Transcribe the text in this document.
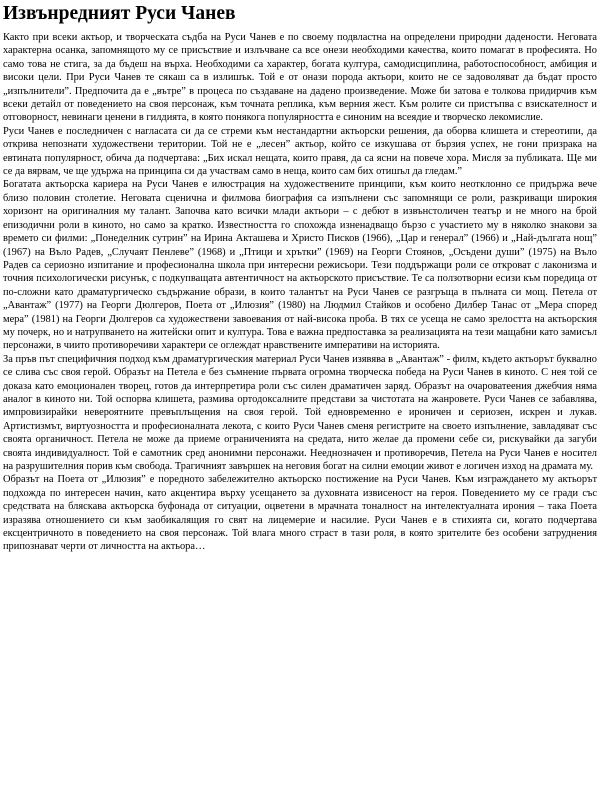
Извънредният Руси Чанев

Както при всеки актьор, и творческата съдба на Руси Чанев е по своему подвластна на определени природни дадености. Неговата характерна осанка, запомнящото му се присъствие и излъчване са все онези необходими качества, които помагат в професията. Но само това не стига, за да бъдеш на върха. Необходими са характер, богата култура, самодисциплина, работоспособност, амбиция и високи цели. При Руси Чанев те сякаш са в излишък. Той е от онази порода актьори, които не се задоволяват да бъдат просто „изпълнители”. Предпочита да е „вътре” в процеса по създаване на дадено произведение. Може би затова е толкова придирчив към всеки детайл от поведението на своя персонаж, към точната реплика, към верния жест. Към ролите си пристъпва с взискателност и отговорност, невинаги ценени в гилдията, в която понякога популярността е синоним на всеядие и творческо лекомислие.

Руси Чанев е последничен с нагласата си да се стреми към нестандартни актьорски решения, да оборва клишета и стереотипи, да открива непознати художествени територии. Той не е „лесен” актьор, който се изкушава от бързия успех, не гони призрака на евтината популярност, обича да подчертава: „Бих искал нещата, които правя, да са ясни на повече хора. Мисля за публиката. Ще ми се да вярвам, че ще удържа на принципа си да участвам само в неща, които сам бих отишъл да гледам.”

Богатата актьорска кариера на Руси Чанев е илюстрация на художествените принципи, към които неотклонно се придържа вече близо половин столетие. Неговата сценична и филмова биография са изпълнени със запомнящи се роли, разкриващи широкия хоризонт на оригиналния му талант. Започва като всички млади актьори – с дебют в извънстоличен театър и не много на брой епизодични роли в киното, но само за кратко. Известността го спохожда изненадващо бързо с участието му в няколко знакови за времето си филми: „Понеделник сутрин” на Ирина Акташева и Христо Писков (1966), „Цар и генерал” (1966) и „Най-дългата нощ” (1967) на Въло Радев, „Случаят Пенлеве” (1968) и „Птици и хрътки” (1969) на Георги Стоянов, „Осъдени души” (1975) на Въло Радев са сериозно изпитание и професионална школа при интересни режисьори. Тези поддържащи роли се откроват с лаконизма и точния психологически рисунък, с подкупващата автентичност на актьорското присъствие. Те са ползотворни есизи към поредица от по-сложни като драматургическо съдържание образи, в които талантът на Руси Чанев се разгръща в пълната си мощ. Петела от „Авантаж” (1977) на Георги Дюлгеров, Поета от „Илюзия” (1980) на Людмил Стайков и особено Дилбер Танас от „Мера според мера” (1981) на Георги Дюлгеров са художествени завоевания от най-висока проба. В тях се усеща не само зрелостта на актьорския му почерк, но и натрупването на житейски опит и култура. Това е важна предпоставка за реализацията на тези мащабни като замисъл персонажи, в чиито противоречиви характери се оглеждат нравствените императиви на историята.

За пръв път специфичния подход към драматургическия материал Руси Чанев изявява в „Авантаж” - филм, където актьорът буквално се слива със своя герой. Образът на Петела е без съмнение първата огромна творческа победа на Руси Чанев в киното. С нея той се доказа като емоционален творец, готов да интерпретира роли със силен драматичен заряд. Образът на очароватеения джебчия няма аналог в киното ни. Той оспорва клишета, размива ортодоксалните представи за чистотата на жанровете. Руси Чанев се забавлява, импровизирайки невероятните превъплъщения на своя герой. Той едновременно е ироничен и сериозен, искрен и лукав. Артистизмът, виртуозността и професионалната лекота, с които Руси Чанев сменя регистрите на своето изпълнение, завладяват със своята органичност. Петела не може да приеме ограниченията на средата, нито желае да промени себе си, рискувайки да загуби своята индивидуалност. Той е самотник сред анонимни персонажи. Нееднозначен и противоречив, Петела на Руси Чанев е носител на разрушителния порив към свобода. Трагичният завършек на неговия богат на силни емоции живот е логичен изход на драмата му.

Образът на Поета от „Илюзия” е поредното забележително актьорско постижение на Руси Чанев. Към изграждането му актьорът подхожда по интересен начин, като акцентира върху усещането за духовната извисеност на героя. Поведението му се гради със средствата на бляскава актьорска буфонада от ситуации, оцветени в мрачната тоналност на интелектуалната ирония – така Поета изразява отношението си към заобикалящия го свят на лицемерие и насилие. Руси Чанев е в стихията си, когато подчертава ексцентричното в поведението на своя персонаж. Той влага много страст в тази роля, в която зрителите без особени затруднения припознават черти от личността на актьора…
